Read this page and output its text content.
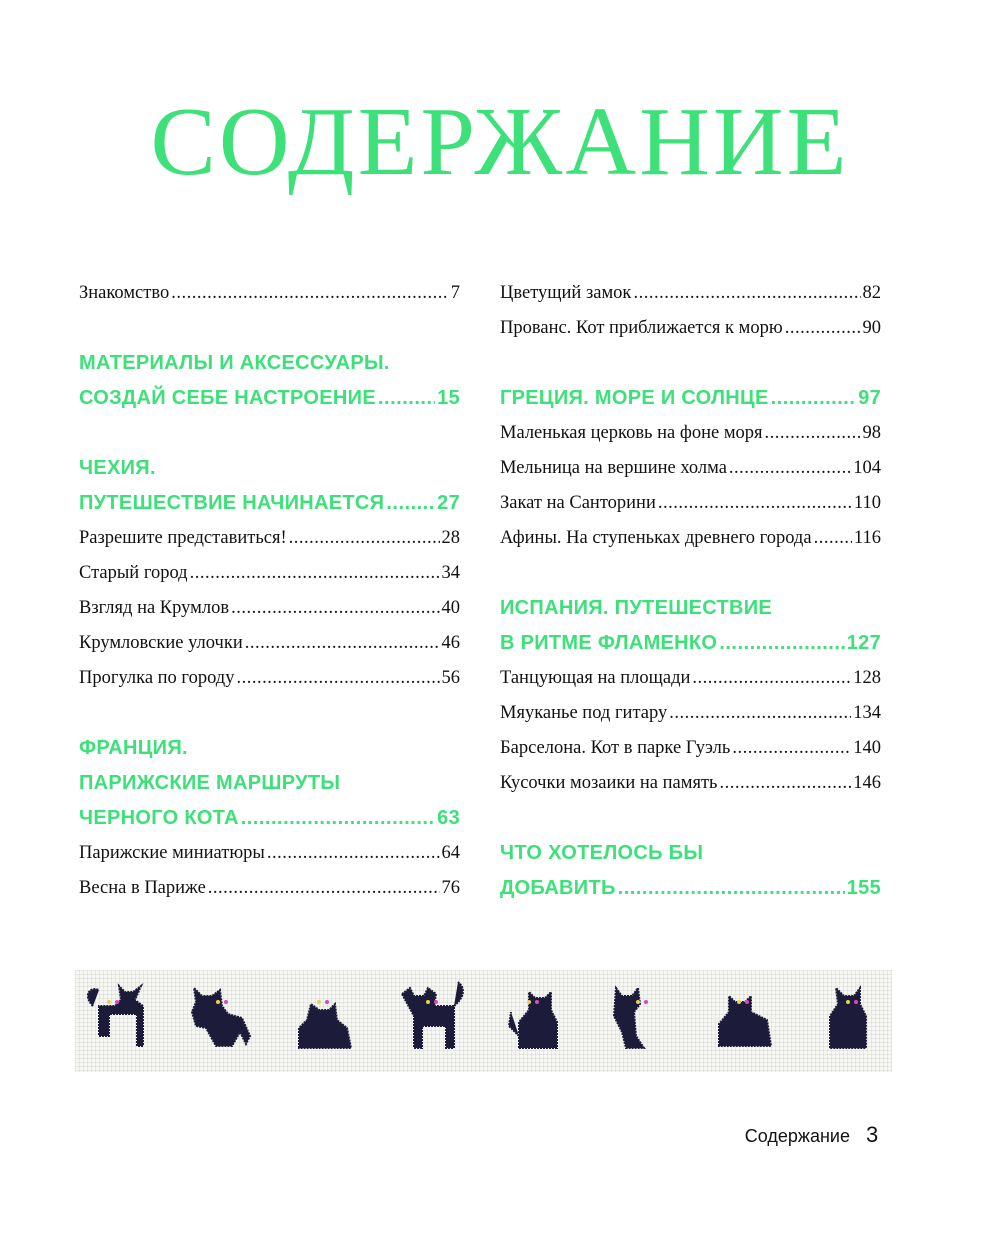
СОДЕРЖАНИЕ
Знакомство .....	7
МАТЕРИАЛЫ И АКСЕССУАРЫ.
СОЗДАЙ СЕБЕ НАСТРОЕНИЕ .....	15
ЧЕХИЯ.
ПУТЕШЕСТВИЕ НАЧИНАЕТСЯ .....	27
Разрешите представиться! .....	28
Старый город .....	34
Взгляд на Крумлов .....	40
Крумловские улочки .....	46
Прогулка по городу .....	56
ФРАНЦИЯ.
ПАРИЖСКИЕ МАРШРУТЫ
ЧЕРНОГО КОТА .....	63
Парижские миниатюры .....	64
Весна в Париже .....	76
Цветущий замок .....	82
Прованс. Кот приближается к морю .....	90
ГРЕЦИЯ. МОРЕ И СОЛНЦЕ .....	97
Маленькая церковь на фоне моря .....	98
Мельница на вершине холма .....	104
Закат на Санторини .....	110
Афины. На ступеньках древнего города ..... 116
ИСПАНИЯ. ПУТЕШЕСТВИЕ
В РИТМЕ ФЛАМЕНКО .....	127
Танцующая на площади .....	128
Мяуканье под гитару .....	134
Барселона. Кот в парке Гуэль .....	140
Кусочки мозаики на память .....	146
ЧТО ХОТЕЛОСЬ БЫ
ДОБАВИТЬ .....	155
Содержание 3
